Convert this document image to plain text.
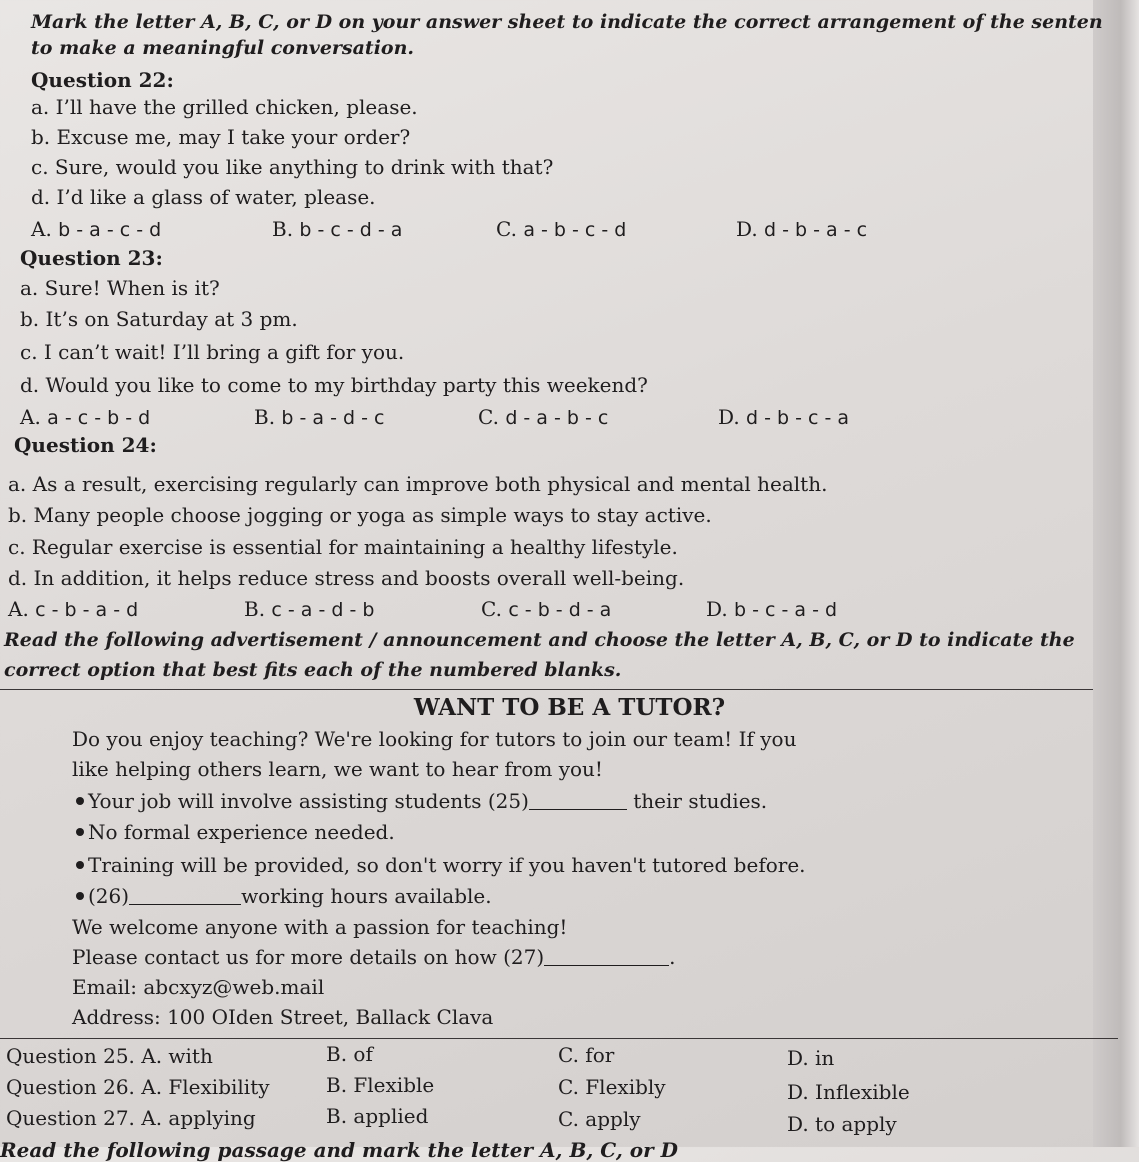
Mark the letter A, B, C, or D on your answer sheet to indicate the correct arrangement of the senten
to make a meaningful conversation.
Question 22:
a. I’ll have the grilled chicken, please.
b. Excuse me, may I take your order?
c. Sure, would you like anything to drink with that?
d. I’d like a glass of water, please.
A. b - a - c - d	B. b - c - d - a	C. a - b - c - d	D. d - b - a - c
Question 23:
a. Sure! When is it?
b. It’s on Saturday at 3 pm.
c. I can’t wait! I’ll bring a gift for you.
d. Would you like to come to my birthday party this weekend?
A. a - c - b - d	B. b - a - d - c	C. d - a - b - c	D. d - b - c - a
Question 24:
a. As a result, exercising regularly can improve both physical and mental health.
b. Many people choose jogging or yoga as simple ways to stay active.
c. Regular exercise is essential for maintaining a healthy lifestyle.
d. In addition, it helps reduce stress and boosts overall well-being.
A. c - b - a - d	B. c - a - d - b	C. c - b - d - a	D. b - c - a - d
Read the following advertisement / announcement and choose the letter A, B, C, or D to indicate the
correct option that best fits each of the numbered blanks.
WANT TO BE A TUTOR?
Do you enjoy teaching? We're looking for tutors to join our team! If you
like helping others learn, we want to hear from you!
Your job will involve assisting students (25)	their studies.
No formal experience needed.
Training will be provided, so don't worry if you haven't tutored before.
(26)	working hours available.
We welcome anyone with a passion for teaching!
Please contact us for more details on how (27)	.
Email: abcxyz@web.mail
Address: 100 OIden Street, Ballack Clava
Question 25. A. with	B. of	C. for	D. in
Question 26. A. Flexibility	B. Flexible	C. Flexibly	D. Inflexible
Question 27. A. applying	B. applied	C. apply	D. to apply
Read the following passage and mark the letter A, B, C, or D
